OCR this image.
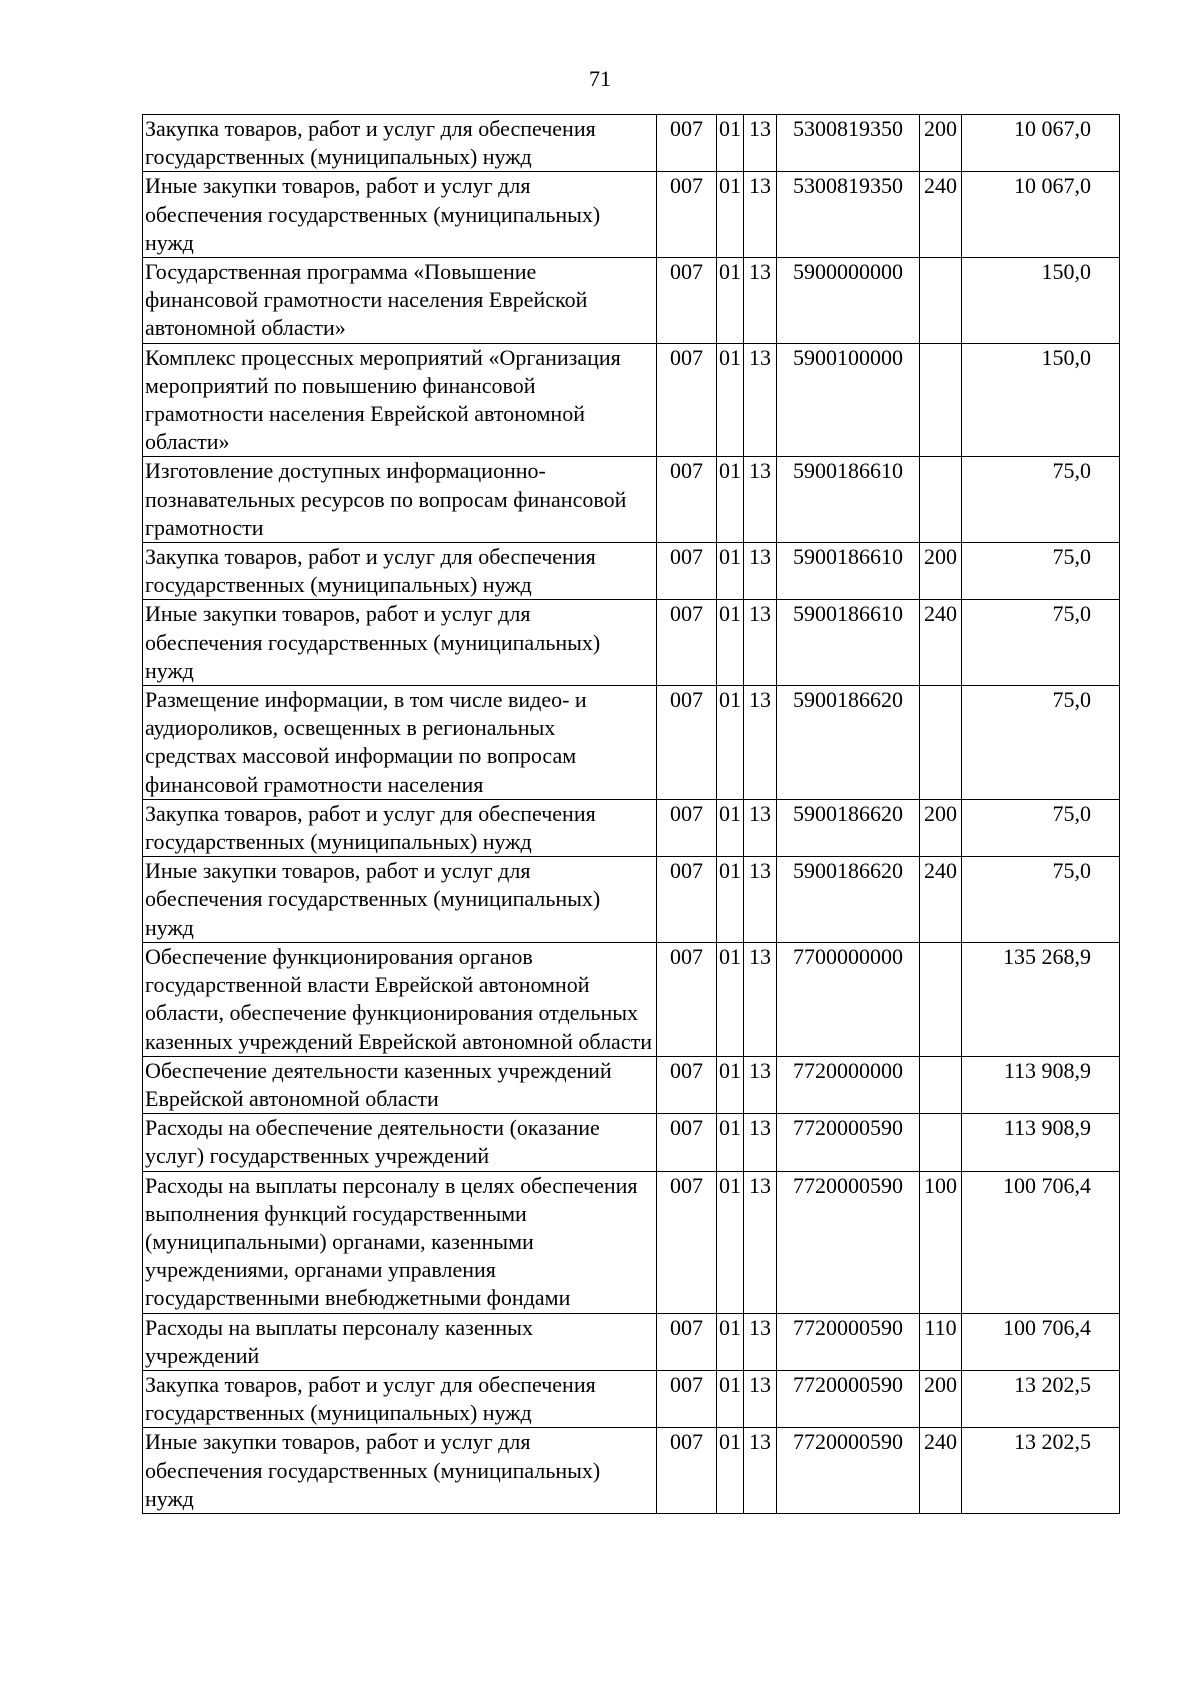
71
Закупка товаров, работ и услуг для обеспечения государственных (муниципальных) нужд	007	01	13	5300819350	200	10 067,0
Иные закупки товаров, работ и услуг для обеспечения государственных (муниципальных) нужд	007	01	13	5300819350	240	10 067,0
Государственная программа «Повышение финансовой грамотности населения Еврейской автономной области»	007	01	13	5900000000		150,0
Комплекс процессных мероприятий «Организация мероприятий по повышению финансовой грамотности населения Еврейской автономной области»	007	01	13	5900100000		150,0
Изготовление доступных информационно-познавательных ресурсов по вопросам финансовой грамотности	007	01	13	5900186610		75,0
Закупка товаров, работ и услуг для обеспечения государственных (муниципальных) нужд	007	01	13	5900186610	200	75,0
Иные закупки товаров, работ и услуг для обеспечения государственных (муниципальных) нужд	007	01	13	5900186610	240	75,0
Размещение информации, в том числе видео- и аудиороликов, освещенных в региональных средствах массовой информации по вопросам финансовой грамотности населения	007	01	13	5900186620		75,0
Закупка товаров, работ и услуг для обеспечения государственных (муниципальных) нужд	007	01	13	5900186620	200	75,0
Иные закупки товаров, работ и услуг для обеспечения государственных (муниципальных) нужд	007	01	13	5900186620	240	75,0
Обеспечение функционирования органов государственной власти Еврейской автономной области, обеспечение функционирования отдельных казенных учреждений Еврейской автономной области	007	01	13	7700000000		135 268,9
Обеспечение деятельности казенных учреждений Еврейской автономной области	007	01	13	7720000000		113 908,9
Расходы на обеспечение деятельности (оказание услуг) государственных учреждений	007	01	13	7720000590		113 908,9
Расходы на выплаты персоналу в целях обеспечения выполнения функций государственными (муниципальными) органами, казенными учреждениями, органами управления государственными внебюджетными фондами	007	01	13	7720000590	100	100 706,4
Расходы на выплаты персоналу казенных учреждений	007	01	13	7720000590	110	100 706,4
Закупка товаров, работ и услуг для обеспечения государственных (муниципальных) нужд	007	01	13	7720000590	200	13 202,5
Иные закупки товаров, работ и услуг для обеспечения государственных (муниципальных) нужд	007	01	13	7720000590	240	13 202,5
